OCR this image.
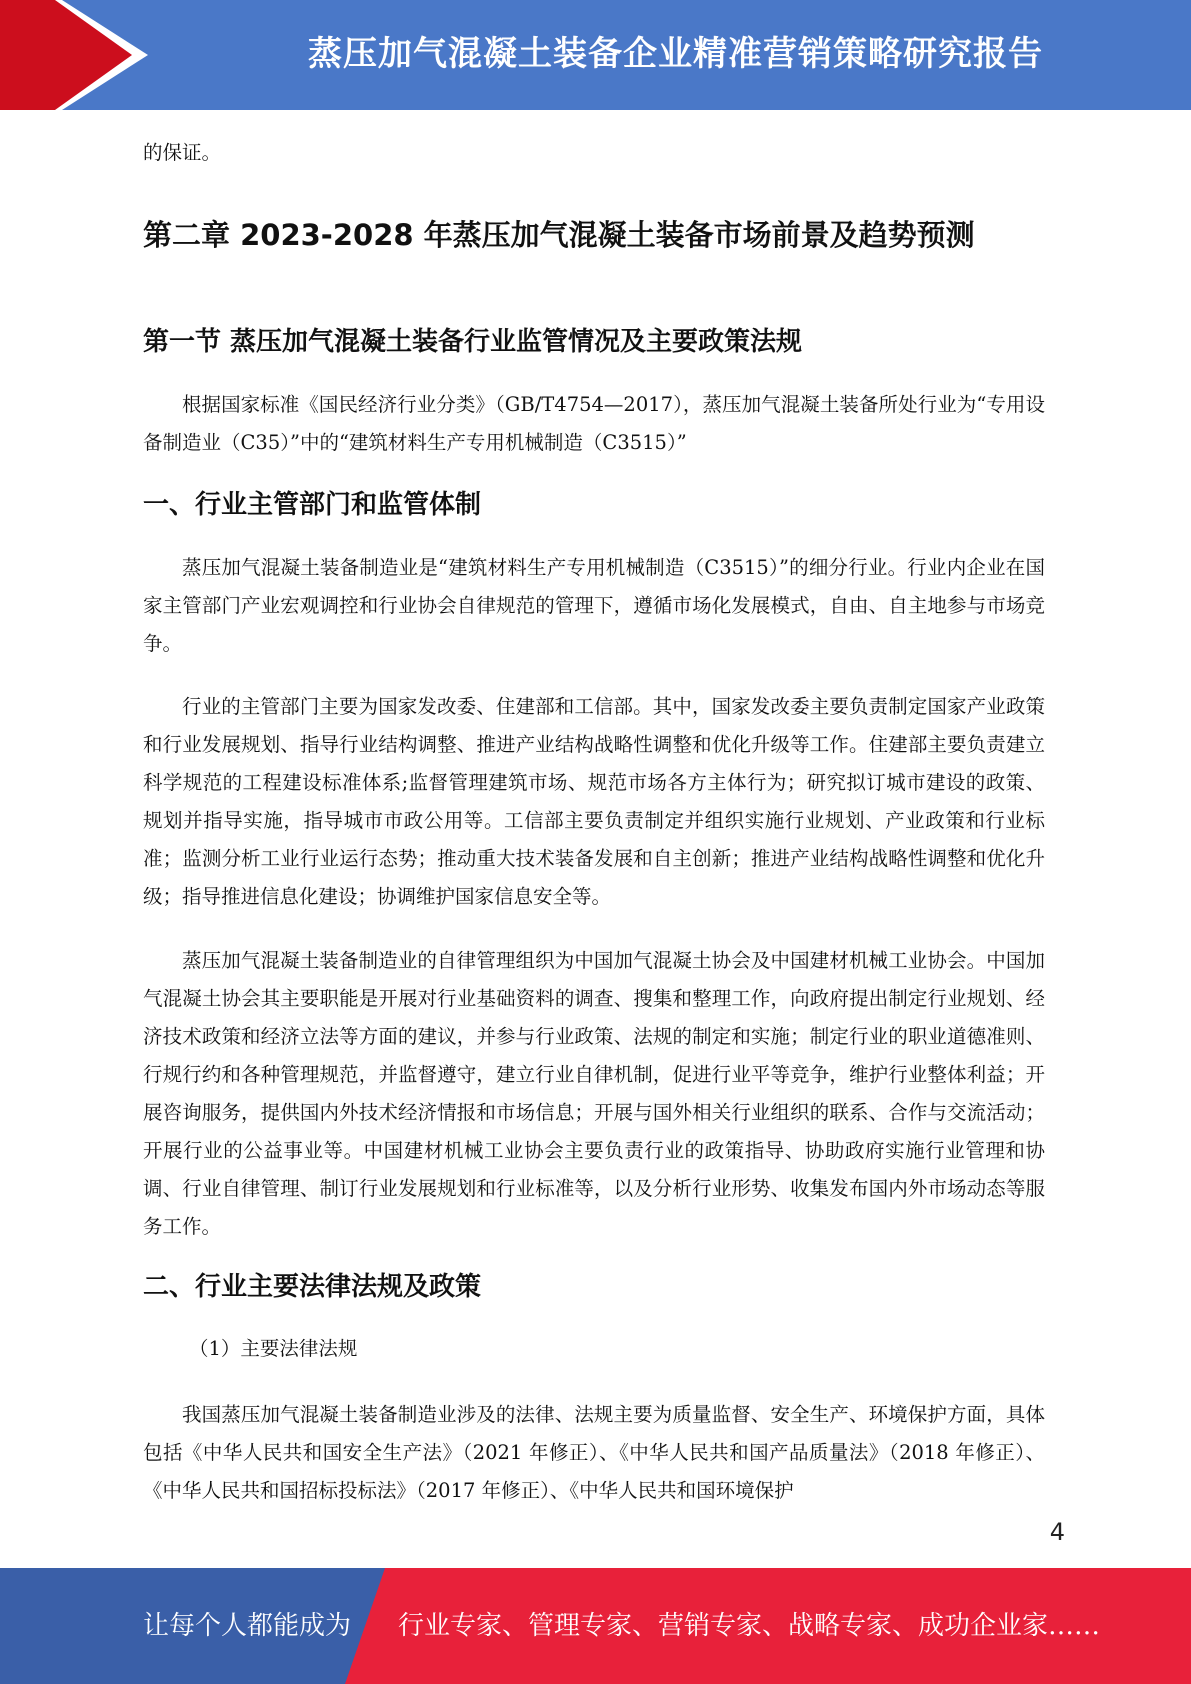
蒸压加气混凝土装备企业精准营销策略研究报告

的保证。

第二章 2023-2028 年蒸压加气混凝土装备市场前景及趋势预测
第一节 蒸压加气混凝土装备行业监管情况及主要政策法规

根据国家标准《国民经济行业分类》（GB/T4754—2017），蒸压加气混凝土装备所处行业为“专用设备制造业（C35）”中的“建筑材料生产专用机械制造（C3515）”

一、行业主管部门和监管体制

蒸压加气混凝土装备制造业是“建筑材料生产专用机械制造（C3515）”的细分行业。行业内企业在国家主管部门产业宏观调控和行业协会自律规范的管理下，遵循市场化发展模式，自由、自主地参与市场竞争。

行业的主管部门主要为国家发改委、住建部和工信部。其中，国家发改委主要负责制定国家产业政策和行业发展规划、指导行业结构调整、推进产业结构战略性调整和优化升级等工作。住建部主要负责建立科学规范的工程建设标准体系;监督管理建筑市场、规范市场各方主体行为；研究拟订城市建设的政策、规划并指导实施，指导城市市政公用等。工信部主要负责制定并组织实施行业规划、产业政策和行业标准；监测分析工业行业运行态势；推动重大技术装备发展和自主创新；推进产业结构战略性调整和优化升级；指导推进信息化建设；协调维护国家信息安全等。

蒸压加气混凝土装备制造业的自律管理组织为中国加气混凝土协会及中国建材机械工业协会。中国加气混凝土协会其主要职能是开展对行业基础资料的调查、搜集和整理工作，向政府提出制定行业规划、经济技术政策和经济立法等方面的建议，并参与行业政策、法规的制定和实施；制定行业的职业道德准则、行规行约和各种管理规范，并监督遵守，建立行业自律机制，促进行业平等竞争，维护行业整体利益；开展咨询服务，提供国内外技术经济情报和市场信息；开展与国外相关行业组织的联系、合作与交流活动；开展行业的公益事业等。中国建材机械工业协会主要负责行业的政策指导、协助政府实施行业管理和协调、行业自律管理、制订行业发展规划和行业标准等，以及分析行业形势、收集发布国内外市场动态等服务工作。

二、行业主要法律法规及政策

（1）主要法律法规

我国蒸压加气混凝土装备制造业涉及的法律、法规主要为质量监督、安全生产、环境保护方面，具体包括《中华人民共和国安全生产法》（2021 年修正）、《中华人民共和国产品质量法》（2018 年修正）、《中华人民共和国招标投标法》（2017 年修正）、《中华人民共和国环境保护

4
让每个人都能成为 行业专家、管理专家、营销专家、战略专家、成功企业家……
